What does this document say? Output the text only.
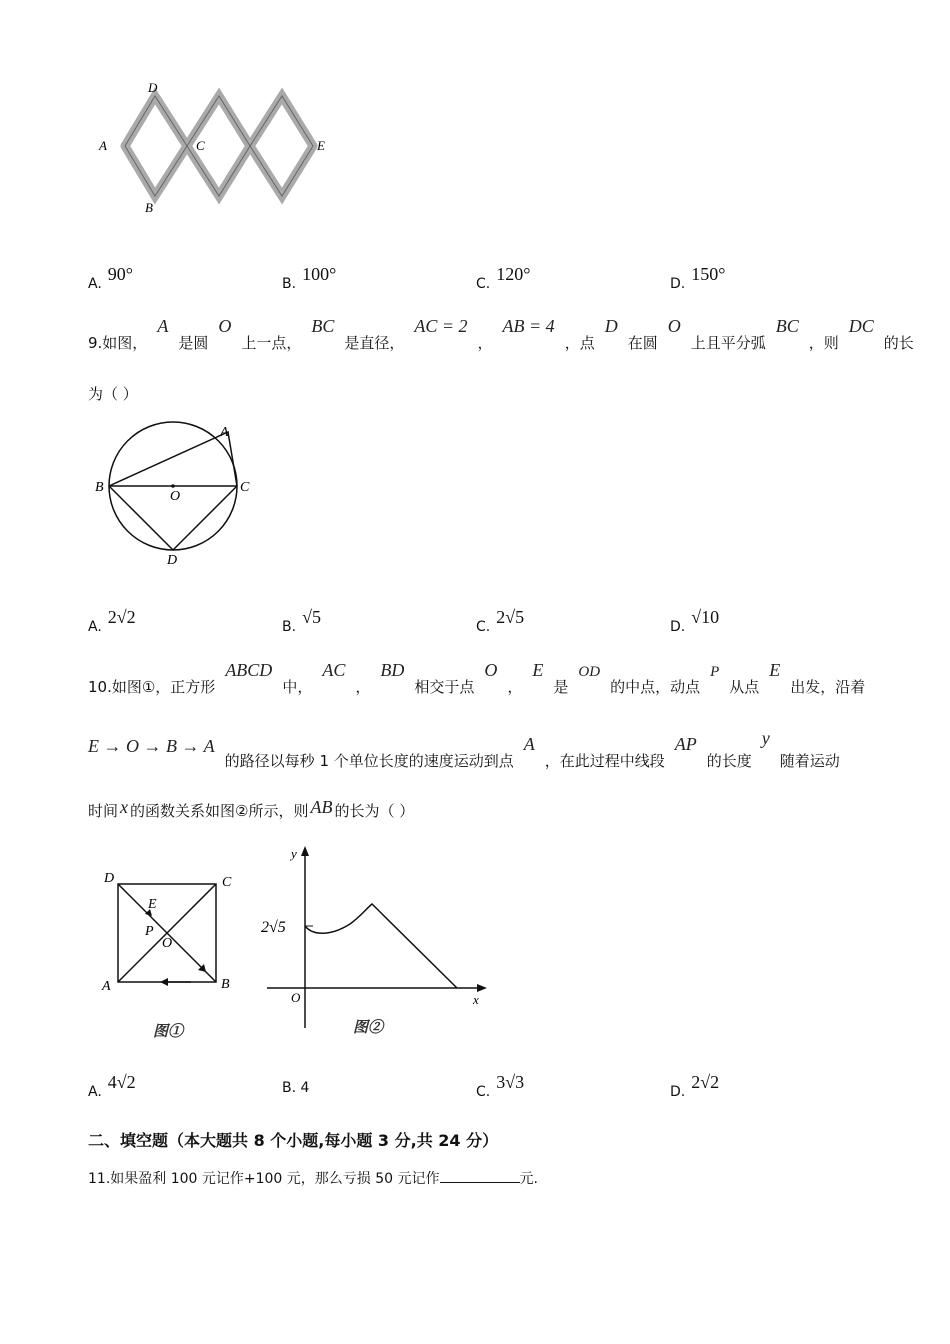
D
A	C	E
B
A. 90°	B. 100°	C. 120°	D. 150°
9.如图，A是圆O上一点，BC是直径，AC = 2，AB = 4，点D在圆O上且平分弧BC，则DC的长
为（ ）
A
B
O
C
D
A. 2√2	B. √5	C. 2√5	D. √10
10.如图①，正方形ABCD中，AC，BD相交于点O，E是OD的中点，动点P从点E出发，沿着
E → O → B → A的路径以每秒 1 个单位长度的速度运动到点A，在此过程中线段AP的长度y随着运动
时间 x 的函数关系如图②所示，则 AB 的长为（ ）
D	C
E
P
O
A	B
图①
y
2√5
O	x
图②
A. 4√2	B. 4	C. 3√3	D. 2√2
二、填空题（本大题共 8 个小题,每小题 3 分,共 24 分）
11.如果盈利 100 元记作+100 元，那么亏损 50 元记作	元.
